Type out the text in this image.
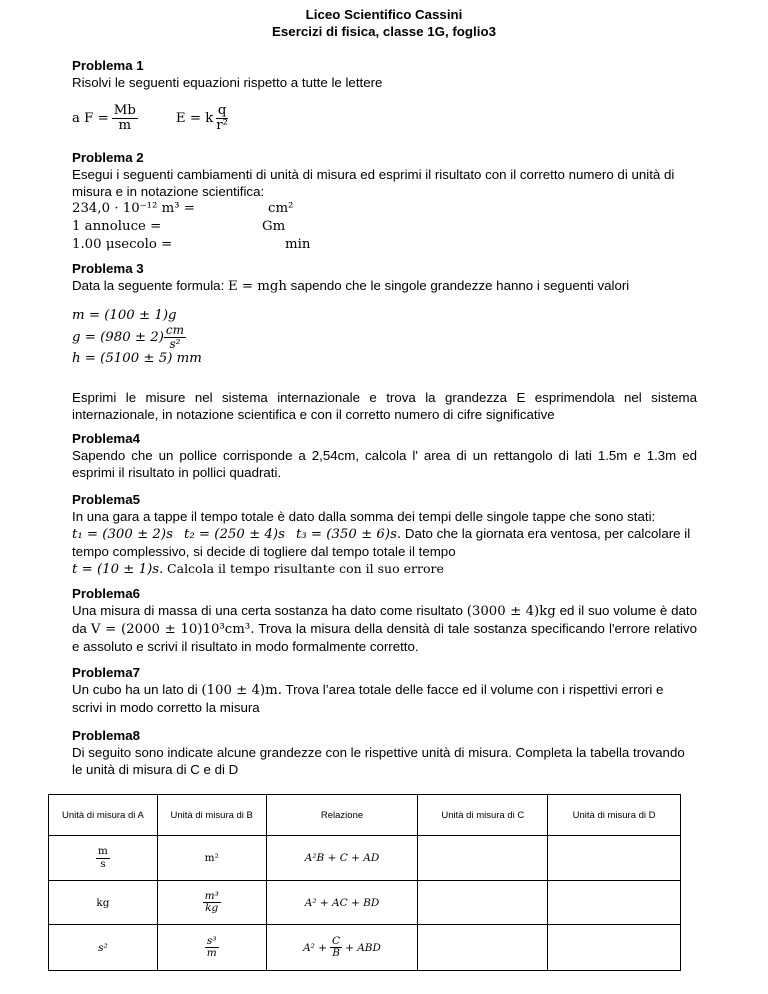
Liceo Scientifico Cassini
Esercizi di fisica, classe 1G, foglio3

Problema 1

Risolvi le seguenti equazioni rispetto a tutte le lettere

a $F = \frac{Mb}{m}$	E = k $\frac{q}{\text{r²}}$

Problema 2

Esegui i seguenti cambiamenti di unità di misura ed esprimi il risultato con il corretto numero di unità di misura e in notazione scientifica:

234,0 · 10⁻¹² m³ =	cm²
1 annoluce =	Gm
1.00 μsecolo =	min

Problema 3

Data la seguente formula: E = mgh sapendo che le singole grandezze hanno i seguenti valori

m = (100 ± 1)g
$g = (980 \pm 2) \frac{cm}{\text{s²}}$
h = (5100 ± 5) mm

Esprimi le misure nel sistema internazionale e trova la grandezza E esprimendola nel sistema internazionale, in notazione scientifica e con il corretto numero di cifre significative

Problema4

Sapendo che un pollice corrisponde a 2,54cm, calcola l' area di un rettangolo di lati 1.5m e 1.3m ed esprimi il risultato in pollici quadrati.

Problema5

In una gara a tappe il tempo totale è dato dalla somma dei tempi delle singole tappe che sono stati:

t₁ = (300 ± 2)s t₂ = (250 ± 4)s t₃ = (350 ± 6)s. Dato che la giornata era ventosa, per calcolare il

tempo complessivo, si decide di togliere dal tempo totale il tempo

t = (10 ± 1)s. Calcola il tempo risultante con il suo errore

Problema6

Una misura di massa di una certa sostanza ha dato come risultato (3000 ± 4)kg ed il suo volume è dato da V = (2000 ± 10)10³cm³. Trova la misura della densità di tale sostanza specificando l'errore relativo e assoluto e scrivi il risultato in modo formalmente corretto.

Problema7

Un cubo ha un lato di (100 ± 4)m. Trova l’area totale delle facce ed il volume con i rispettivi errori e scrivi in modo corretto la misura

Problema8

Di seguito sono indicate alcune grandezze con le rispettive unità di misura. Completa la tabella trovando le unità di misura di C e di D

Unità di misura di A	Unità di misura di B	Relazione	Unità di misura di C	Unità di misura di D

$\frac{m}{s}$	m²	A²B + C + AD		
kg	$\frac{\text{m³}}{kg}$	A² + AC + BD		
s²	$\frac{\text{s³}}{m}$	$A^2 + \frac{C}{B}$ + ABD		
